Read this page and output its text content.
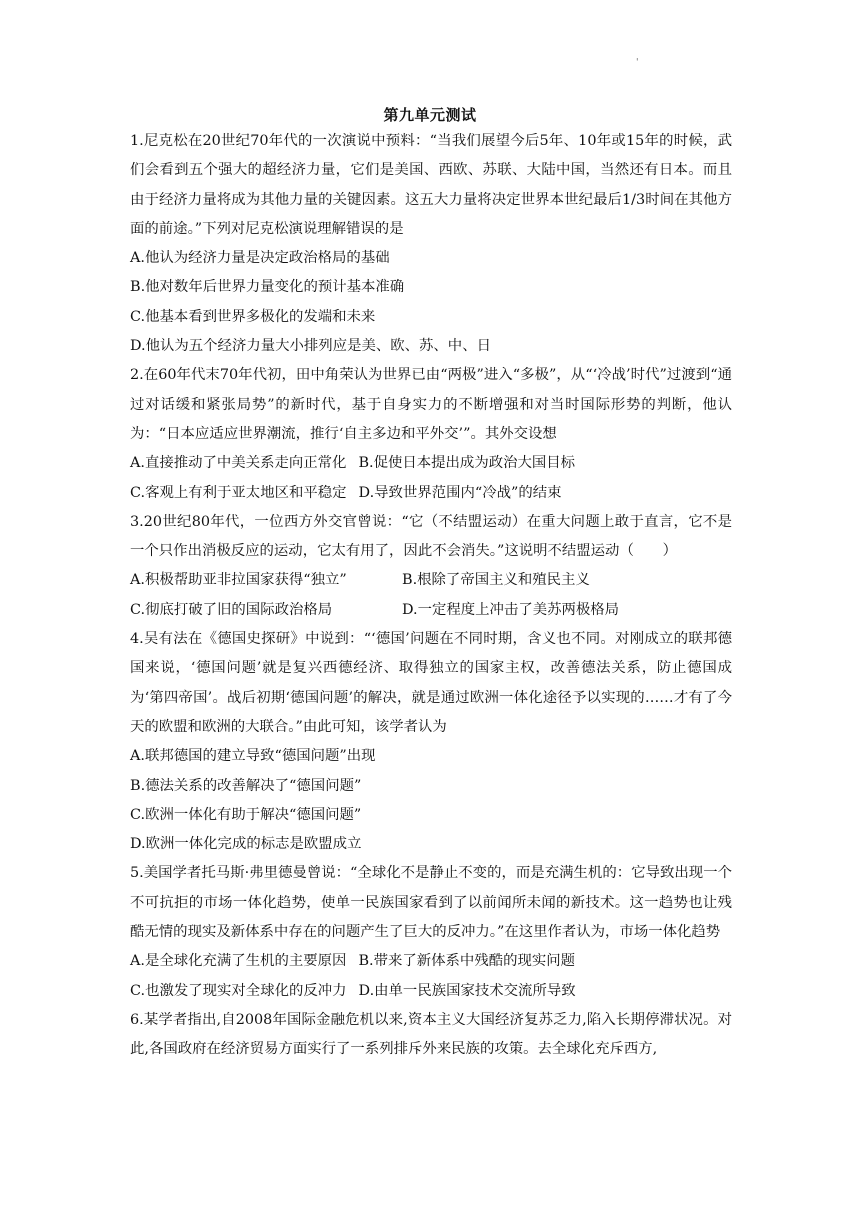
'
第九单元测试

1.尼克松在20世纪70年代的一次演说中预料：“当我们展望今后5年、10年或15年的时候，武们会看到五个强大的超经济力量，它们是美国、西欧、苏联、大陆中国，当然还有日本。而且由于经济力量将成为其他力量的关键因素。这五大力量将决定世界本世纪最后1/3时间在其他方面的前途。”下列对尼克松演说理解错误的是

A.他认为经济力量是决定政治格局的基础

B.他对数年后世界力量变化的预计基本准确

C.他基本看到世界多极化的发端和未来

D.他认为五个经济力量大小排列应是美、欧、苏、中、日

2.在60年代末70年代初，田中角荣认为世界已由“两极”进入“多极”，从“‘冷战’时代”过渡到“通过对话缓和紧张局势”的新时代，基于自身实力的不断增强和对当时国际形势的判断，他认为：“日本应适应世界潮流，推行‘自主多边和平外交’”。其外交设想

A.直接推动了中美关系走向正常化 B.促使日本提出成为政治大国目标

C.客观上有利于亚太地区和平稳定 D.导致世界范围内“冷战”的结束

3.20世纪80年代，一位西方外交官曾说：“它（不结盟运动）在重大问题上敢于直言，它不是一个只作出消极反应的运动，它太有用了，因此不会消失。”这说明不结盟运动（　　）

A.积极帮助亚非拉国家获得“独立”	B.根除了帝国主义和殖民主义

C.彻底打破了旧的国际政治格局	D.一定程度上冲击了美苏两极格局

4.吴有法在《德国史探研》中说到：“‘德国’问题在不同时期，含义也不同。对刚成立的联邦德国来说，‘德国问题’就是复兴西德经济、取得独立的国家主权，改善德法关系，防止德国成为‘第四帝国’。战后初期‘德国问题’的解决，就是通过欧洲一体化途径予以实现的……才有了今天的欧盟和欧洲的大联合。”由此可知，该学者认为

A.联邦德国的建立导致“德国问题”出现

B.德法关系的改善解决了“德国问题”

C.欧洲一体化有助于解决“德国问题”

D.欧洲一体化完成的标志是欧盟成立

5.美国学者托马斯·弗里德曼曾说：“全球化不是静止不变的，而是充满生机的：它导致出现一个不可抗拒的市场一体化趋势，使单一民族国家看到了以前闻所未闻的新技术。这一趋势也让残酷无情的现实及新体系中存在的问题产生了巨大的反冲力。”在这里作者认为，市场一体化趋势

A.是全球化充满了生机的主要原因 B.带来了新体系中残酷的现实问题

C.也激发了现实对全球化的反冲力 D.由单一民族国家技术交流所导致

6.某学者指出,自2008年国际金融危机以来,资本主义大国经济复苏乏力,陷入长期停滞状况。对此,各国政府在经济贸易方面实行了一系列排斥外来民族的攻策。去全球化充斥西方,
